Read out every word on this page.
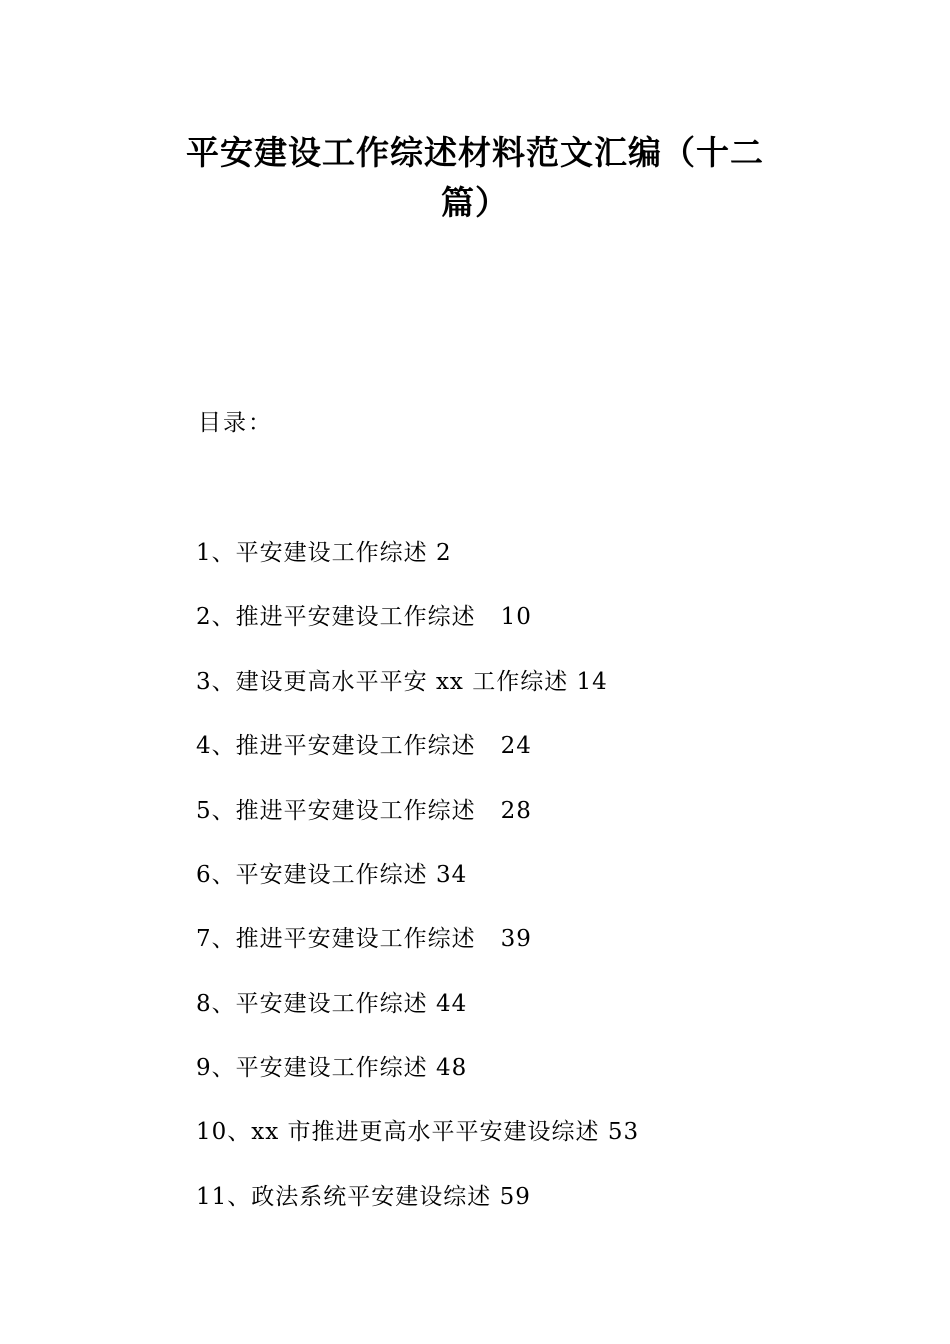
平安建设工作综述材料范文汇编（十二
篇）
目录：
1、平安建设工作综述 2
2、推进平安建设工作综述   10
3、建设更高水平平安 xx 工作综述 14
4、推进平安建设工作综述   24
5、推进平安建设工作综述   28
6、平安建设工作综述 34
7、推进平安建设工作综述   39
8、平安建设工作综述 44
9、平安建设工作综述 48
10、xx 市推进更高水平平安建设综述 53
11、政法系统平安建设综述 59
